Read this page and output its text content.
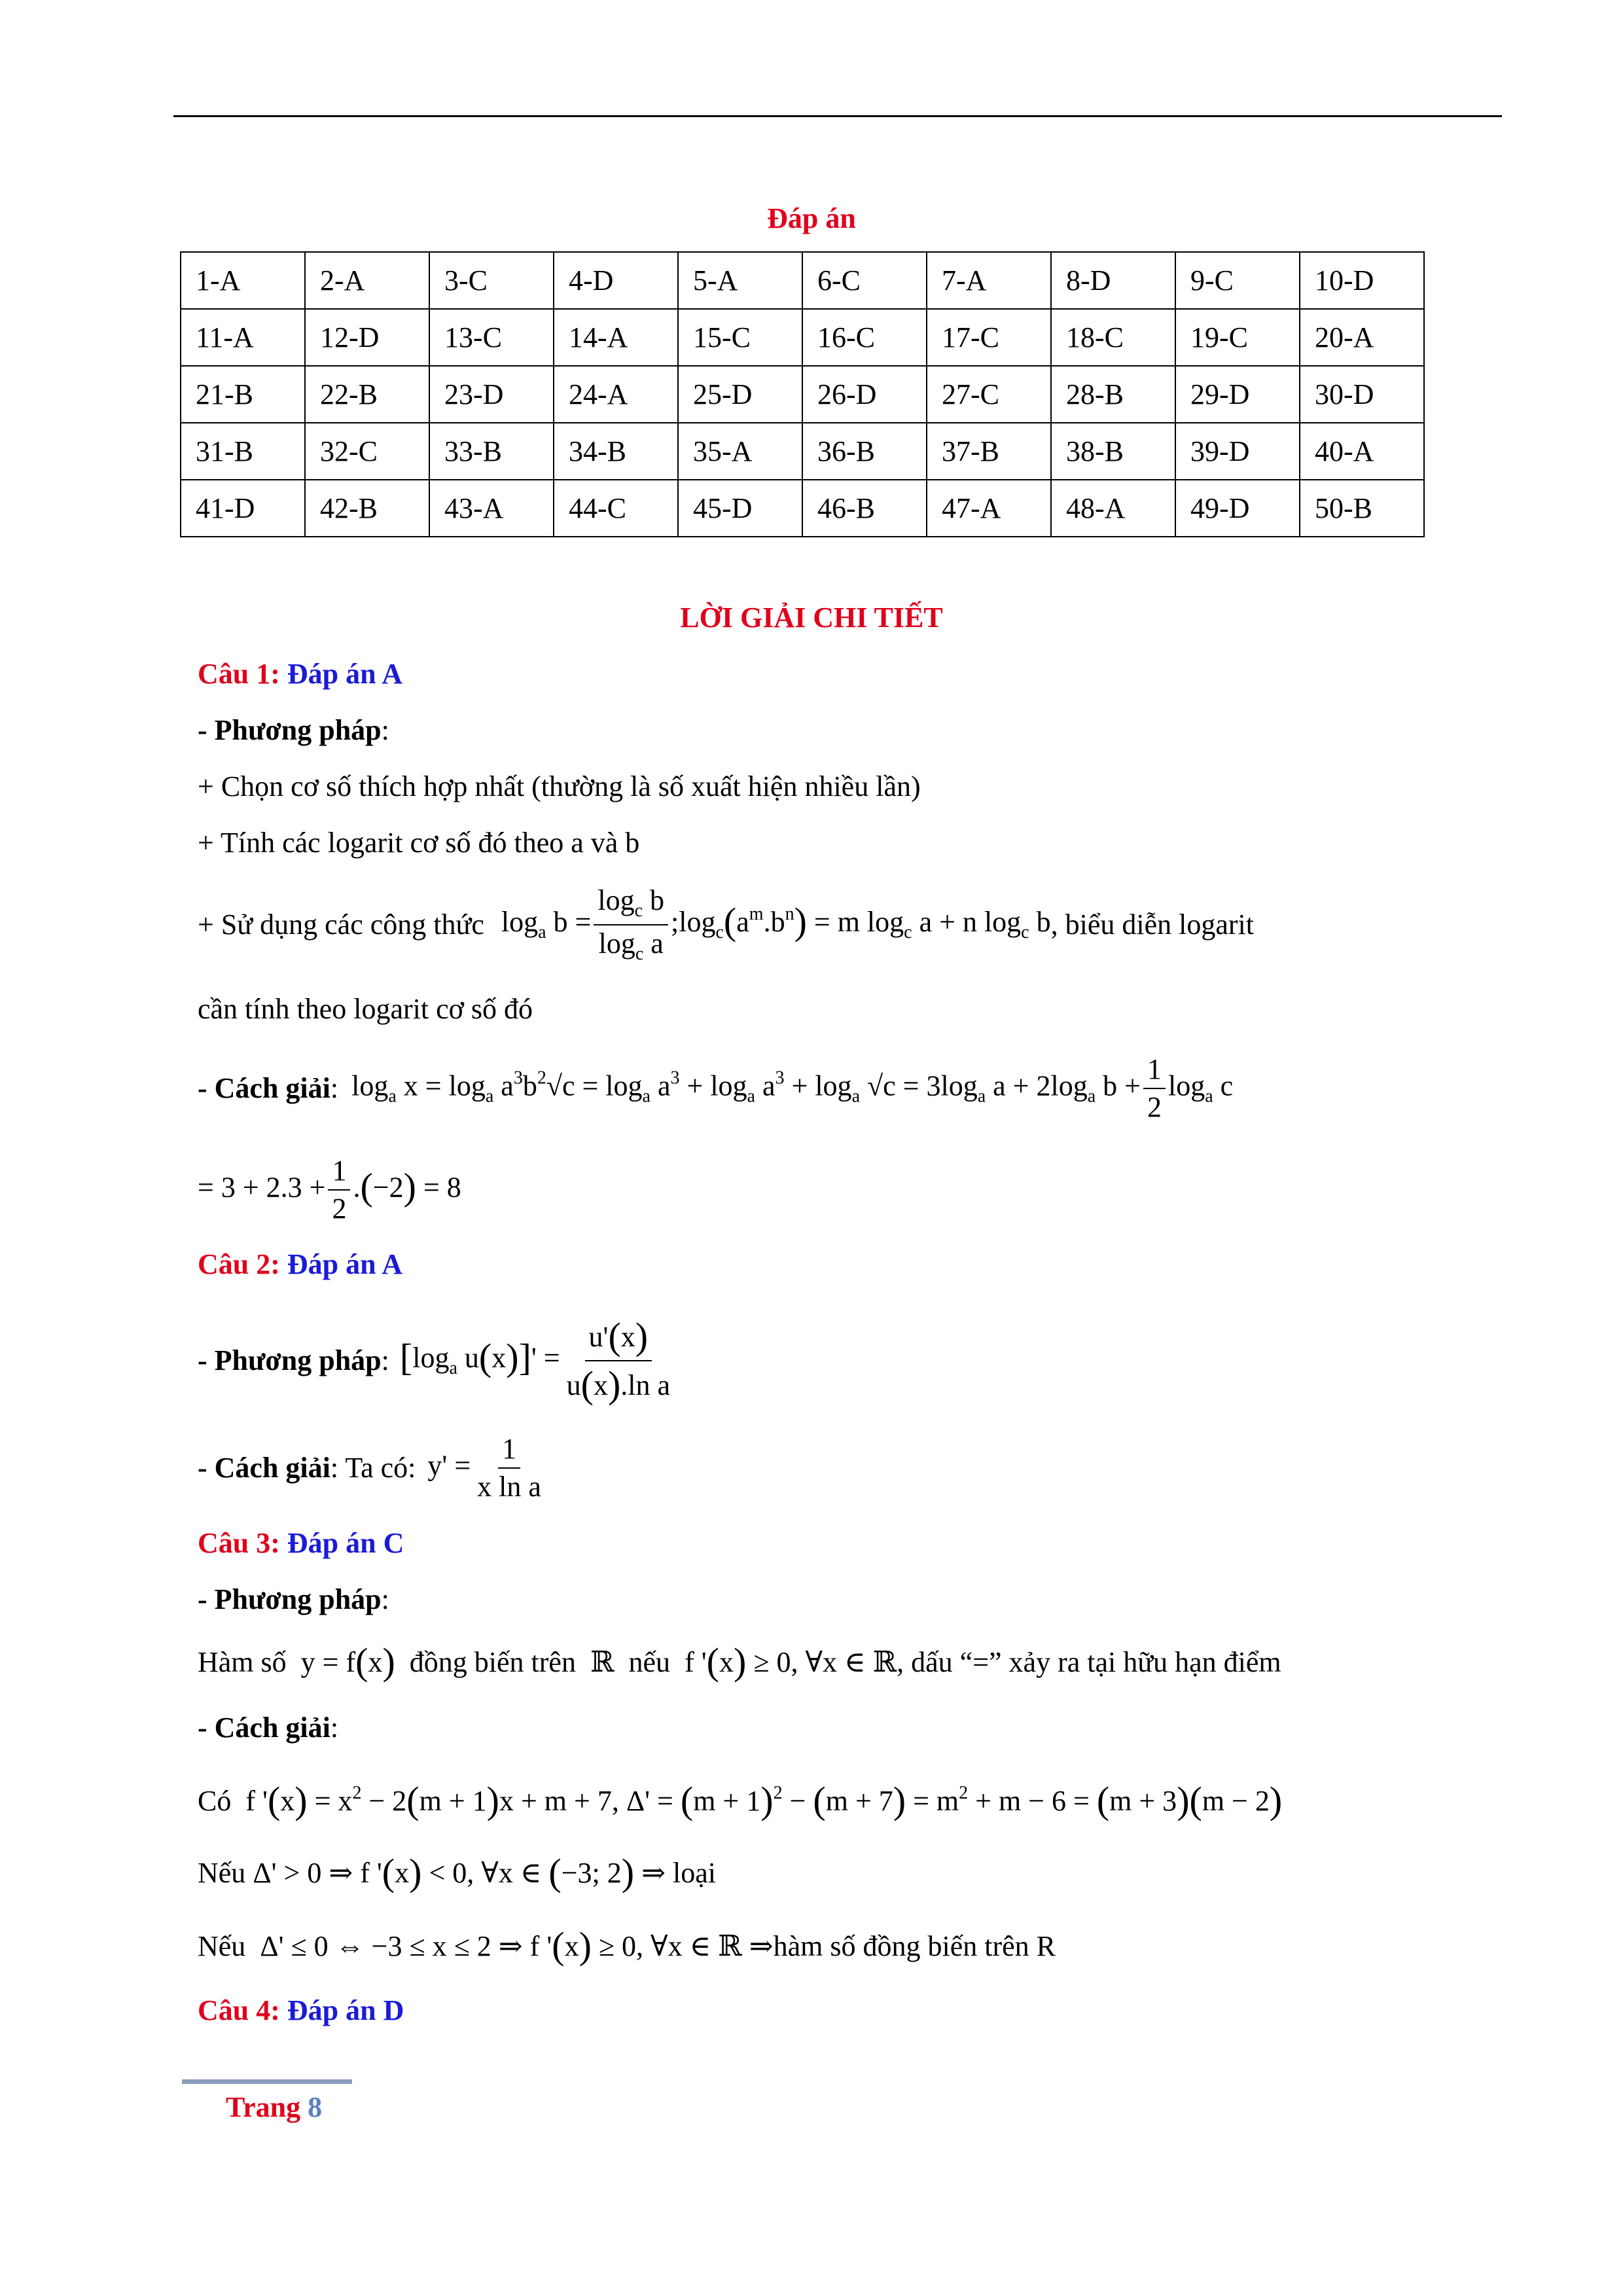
Đáp án
1-A	2-A	3-C	4-D	5-A	6-C	7-A	8-D	9-C	10-D
11-A	12-D	13-C	14-A	15-C	16-C	17-C	18-C	19-C	20-A
21-B	22-B	23-D	24-A	25-D	26-D	27-C	28-B	29-D	30-D
31-B	32-C	33-B	34-B	35-A	36-B	37-B	38-B	39-D	40-A
41-D	42-B	43-A	44-C	45-D	46-B	47-A	48-A	49-D	50-B
LỜI GIẢI CHI TIẾT
Câu 1: Đáp án A
- Phương pháp:
+ Chọn cơ số thích hợp nhất (thường là số xuất hiện nhiều lần)
+ Tính các logarit cơ số đó theo a và b
+ Sử dụng các công thức $\log_a b = \frac{\log_c b}{\log_c a}$ $;\log_c(a^m.b^n) = m$ $\log_c a + n$ $\log_c b$ , biểu diễn logarit
cần tính theo logarit cơ số đó
- Cách giải : $\log_a x = \log_a a^3b^2√c = \log_a a^3 + \log_a a^3 + \log_a √c = 3\log_a$ $a + 2\log_a$ $b + \frac{1}{2} \log_a c$
= $3 + 2.3 + \frac{1}{2} .(-2) = 8$
Câu 2: Đáp án A
- Phương pháp : [$\log_a$ $u(x)]' = \frac{u'(x)}{\text{u(x).ln a}}$
- Cách giải : Ta có: $y' = \frac{1}{\text{x ln a}}$
Câu 3: Đáp án C
- Phương pháp:
Hàm số  y = f(x) đồng biến trên  ℝ  nếu  f '(x) ≥ 0, ∀x ∈ ℝ, dấu “=” xảy ra tại hữu hạn điểm
- Cách giải:
Có  f '$(x) = x^2 - 2(m + 1)x + m + 7$, $\Delta' = (m + 1)^2 - (m + 7) = m^2 + m - 6 = (m + 3)(m - 2)$
Nếu Δ' > 0 ⇒ f '(x) < 0, ∀x ∈ (−3; 2) ⇒ loại
Nếu  Δ' ≤ 0 ⇔ −3 ≤ x ≤ 2 ⇒ f '(x) ≥ 0, ∀x ∈ ℝ ⇒hàm số đồng biến trên R
Câu 4: Đáp án D
Trang 8
